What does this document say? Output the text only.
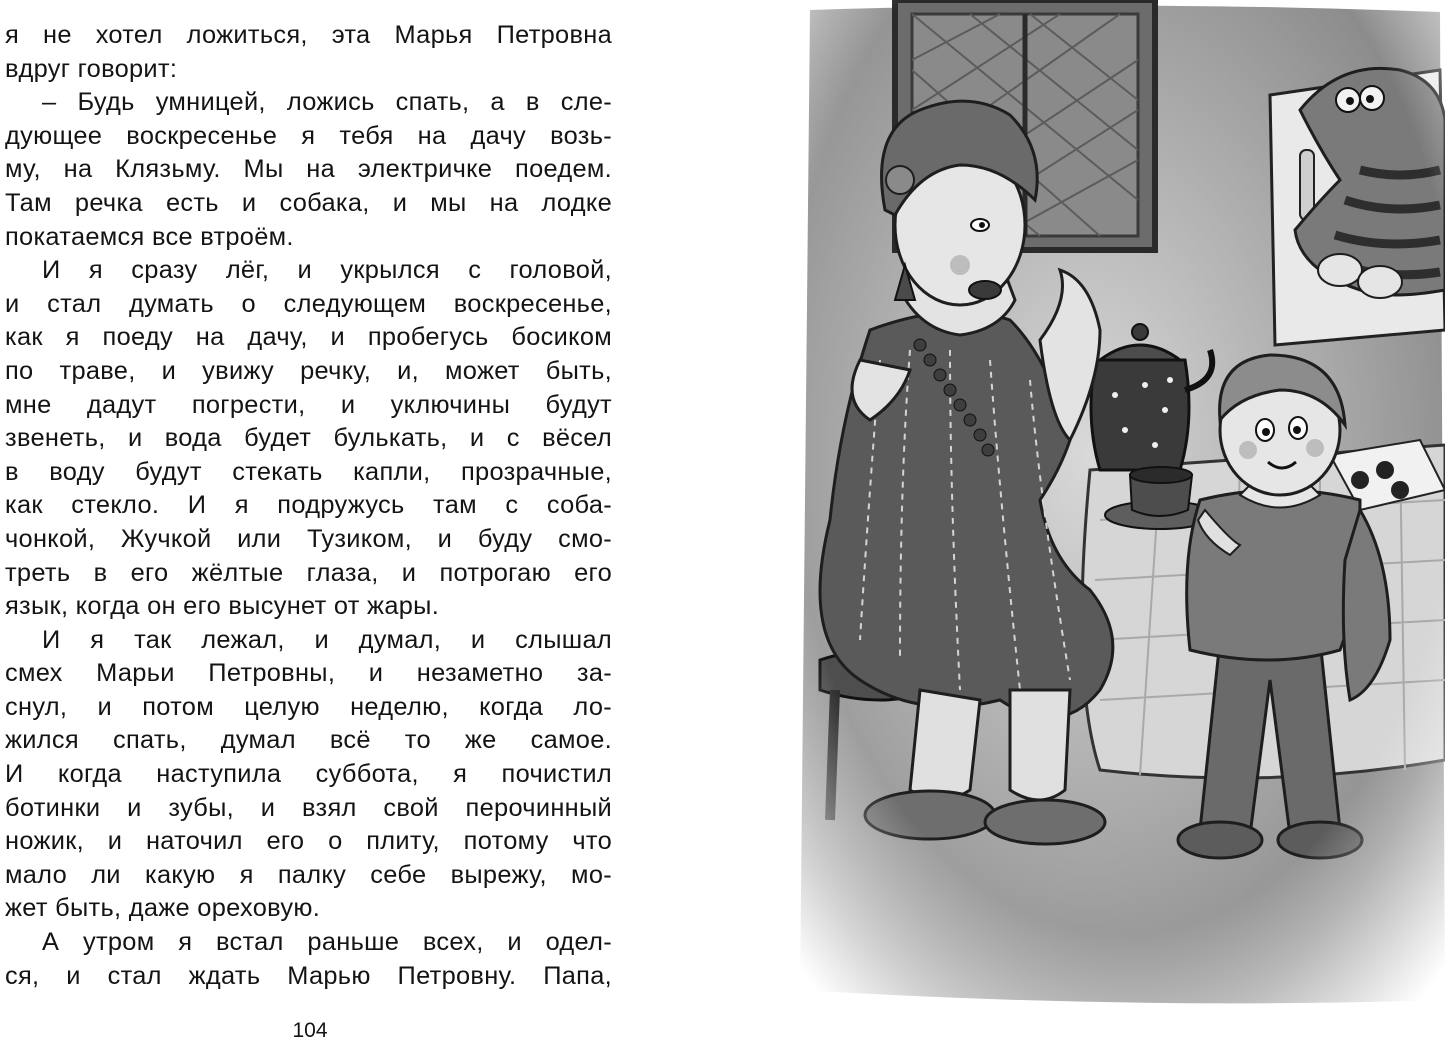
я не хотел ложиться, эта Марья Петровна
вдруг говорит:
– Будь умницей, ложись спать, а в сле-
дующее воскресенье я тебя на дачу возь-
му, на Клязьму. Мы на электричке поедем.
Там речка есть и собака, и мы на лодке
покатаемся все втроём.
И я сразу лёг, и укрылся с головой,
и стал думать о следующем воскресенье,
как я поеду на дачу, и пробегусь босиком
по траве, и увижу речку, и, может быть,
мне дадут погрести, и уключины будут
звенеть, и вода будет булькать, и с вёсел
в воду будут стекать капли, прозрачные,
как стекло. И я подружусь там с соба-
чонкой, Жучкой или Тузиком, и буду смо-
треть в его жёлтые глаза, и потрогаю его
язык, когда он его высунет от жары.
И я так лежал, и думал, и слышал
смех Марьи Петровны, и незаметно за-
снул, и потом целую неделю, когда ло-
жился спать, думал всё то же самое.
И когда наступила суббота, я почистил
ботинки и зубы, и взял свой перочинный
ножик, и наточил его о плиту, потому что
мало ли какую я палку себе вырежу, мо-
жет быть, даже ореховую.
А утром я встал раньше всех, и одел-
ся, и стал ждать Марью Петровну. Папа,
104
